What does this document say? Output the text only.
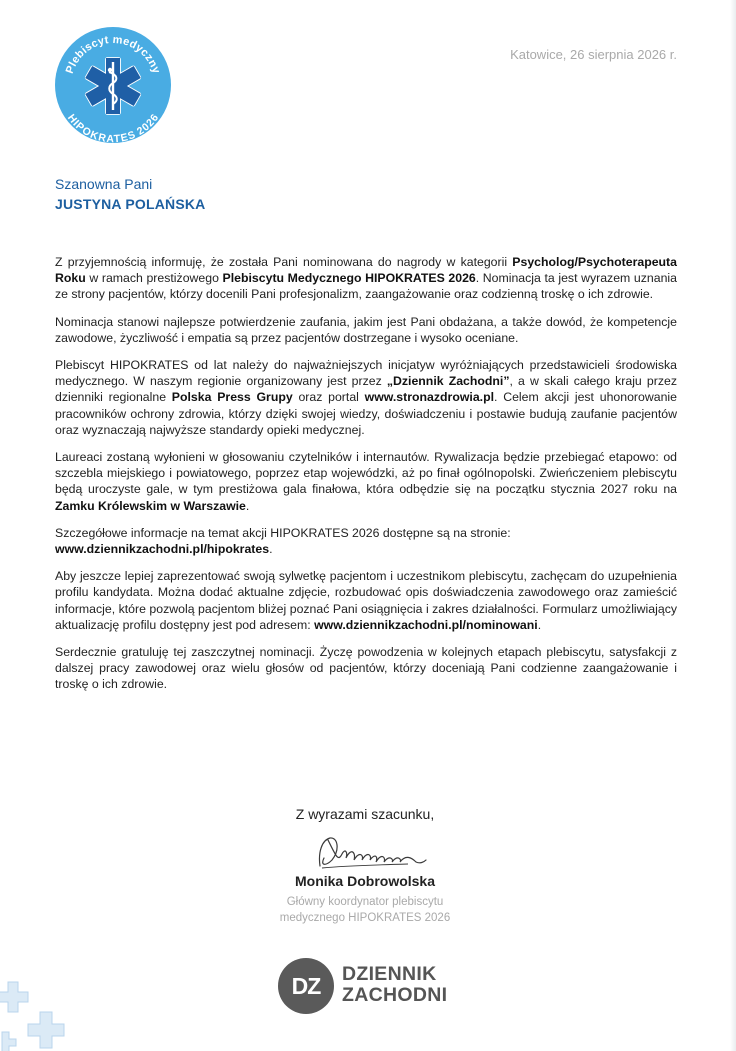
Plebiscyt medyczny
HIPOKRATES 2026
Katowice, 26 sierpnia 2026 r.
Szanowna Pani
JUSTYNA POLAŃSKA

Z przyjemnością informuję, że została Pani nominowana do nagrody w kategorii Psycholog/Psychoterapeuta Roku w ramach prestiżowego Plebiscytu Medycznego HIPOKRATES 2026. Nominacja ta jest wyrazem uznania ze strony pacjentów, którzy docenili Pani profesjonalizm, zaangażowanie oraz codzienną troskę o ich zdrowie.

Nominacja stanowi najlepsze potwierdzenie zaufania, jakim jest Pani obdażana, a także dowód, że kompetencje zawodowe, życzliwość i empatia są przez pacjentów dostrzegane i wysoko oceniane.

Plebiscyt HIPOKRATES od lat należy do najważniejszych inicjatyw wyróżniających przedstawicieli środowiska medycznego. W naszym regionie organizowany jest przez „Dziennik Zachodni”, a w skali całego kraju przez dzienniki regionalne Polska Press Grupy oraz portal www.stronazdrowia.pl. Celem akcji jest uhonorowanie pracowników ochrony zdrowia, którzy dzięki swojej wiedzy, doświadczeniu i postawie budują zaufanie pacjentów oraz wyznaczają najwyższe standardy opieki medycznej.

Laureaci zostaną wyłonieni w głosowaniu czytelników i internautów. Rywalizacja będzie przebiegać etapowo: od szczebla miejskiego i powiatowego, poprzez etap wojewódzki, aż po finał ogólnopolski. Zwieńczeniem plebiscytu będą uroczyste gale, w tym prestiżowa gala finałowa, która odbędzie się na początku stycznia 2027 roku na Zamku Królewskim w Warszawie.

Szczegółowe informacje na temat akcji HIPOKRATES 2026 dostępne są na stronie:
www.dziennikzachodni.pl/hipokrates.

Aby jeszcze lepiej zaprezentować swoją sylwetkę pacjentom i uczestnikom plebiscytu, zachęcam do uzupełnienia profilu kandydata. Można dodać aktualne zdjęcie, rozbudować opis doświadczenia zawodowego oraz zamieścić informacje, które pozwolą pacjentom bliżej poznać Pani osiągnięcia i zakres działalności. Formularz umożliwiający aktualizację profilu dostępny jest pod adresem: www.dziennikzachodni.pl/nominowani.

Serdecznie gratuluję tej zaszczytnej nominacji. Życzę powodzenia w kolejnych etapach plebiscytu, satysfakcji z dalszej pracy zawodowej oraz wielu głosów od pacjentów, którzy doceniają Pani codzienne zaangażowanie i troskę o ich zdrowie.

Z wyrazami szacunku,
Monika Dobrowolska
Główny koordynator plebiscytu
medycznego HIPOKRATES 2026
DZ	DZIENNIK
ZACHODNI
